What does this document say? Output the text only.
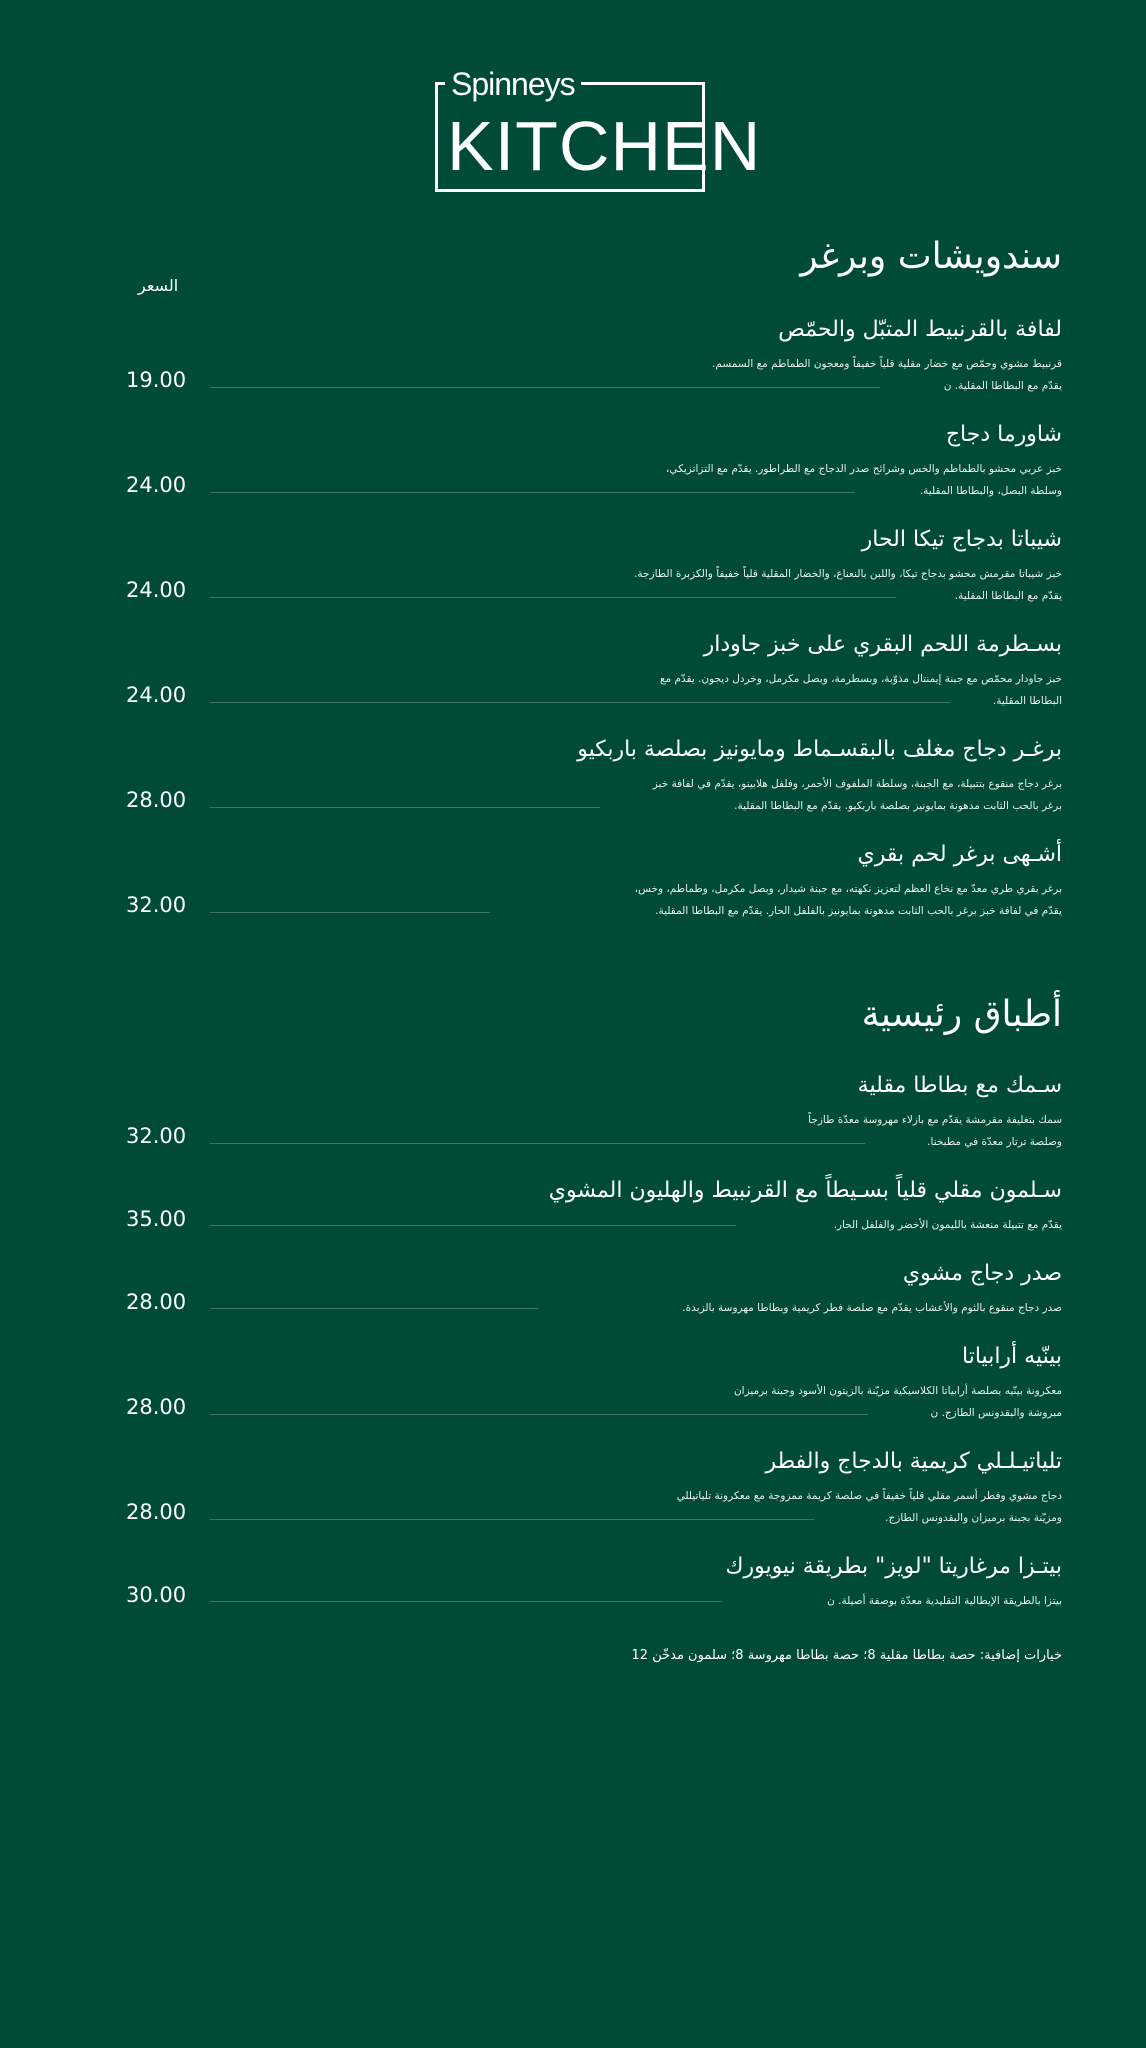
Spinneys
KITCHEN
سندويشات وبرغر
السعر
لفافة بالقرنبيط المتبّل والحمّص
قرنبيط مشوي وحمّص مع خضار مقلية قلياً خفيفاً ومعجون الطماطم مع السمسم.
يقدّم مع البطاطا المقلية. ن
19.00
شاورما دجاج
خبز عربي محشو بالطماطم والخس وشرائح صدر الدجاج مع الطراطور. يقدّم مع التزاتزيكي،
وسلطة البصل، والبطاطا المقلية.
24.00
شيباتا بدجاج تيكا الحار
خبز شيباتا مقرمش محشو بدجاج تيكا، واللبن بالنعناع، والخضار المقلية قلياً خفيفاً والكزبرة الطازجة.
يقدّم مع البطاطا المقلية.
24.00
بسـطرمة اللحم البقري على خبز جاودار
خبز جاودار محمّص مع جبنة إيمنتال مذوّبة، وبسطرمة، وبصل مكرمل، وخردل ديجون. يقدّم مع
البطاطا المقلية.
24.00
برغـر دجاج مغلف بالبقسـماط ومايونيز بصلصة باربكيو
برغر دجاج منقوع بتتبيلة، مع الجبنة، وسلطة الملفوف الأحمر، وفلفل هلابينو، يقدّم في لفافة خبز
برغر بالحب الثابت مدهونة بمايونيز بصلصة باربكيو. يقدّم مع البطاطا المقلية.
28.00
أشـهى برغر لحم بقري
برغر بقري طري معدّ مع نخاع العظم لتعزيز نكهته، مع جبنة شيدار، وبصل مكرمل، وطماطم، وخس،
يقدّم في لفافة خبز برغر بالحب الثابت مدهونة بمايونيز بالفلفل الحار. يقدّم مع البطاطا المقلية.
32.00
أطباق رئيسية
سـمك مع بطاطا مقلية
سمك بتغليفة مقرمشة يقدّم مع بازلاء مهروسة معدّة طازجاً
وصلصة ترتار معدّة في مطبخنا.
32.00
سـلمون مقلي قلياً بسـيطاً مع القرنبيط والهليون المشوي
يقدّم مع تتبيلة منعشة بالليمون الأخضر والفلفل الحار.
35.00
صدر دجاج مشوي
صدر دجاج منقوع بالثوم والأعشاب يقدّم مع صلصة فطر كريمية وبطاطا مهروسة بالزبدة.
28.00
بينّيه أرابياتا
معكرونة بينّيه بصلصة أرابياتا الكلاسيكية مزيّنة بالزيتون الأسود وجبنة برميزان
مبروشة والبقدونس الطازج. ن
28.00
تلياتيـلـلي كريمية بالدجاج والفطر
دجاج مشوي وفطر أسمر مقلي قلياً خفيفاً في صلصة كريمة ممزوجة مع معكرونة تلياتيللي
ومزيّنة بجبنة برميزان والبقدونس الطازج.
28.00
بيتـزا مرغاريتا "لويز" بطريقة نيويورك
بيتزا بالطريقة الإيطالية التقليدية معدّة بوصفة أصيلة. ن
30.00
خيارات إضافية: حصة بطاطا مقلية 8؛ حصة بطاطا مهروسة 8؛ سلمون مدخّن 12
